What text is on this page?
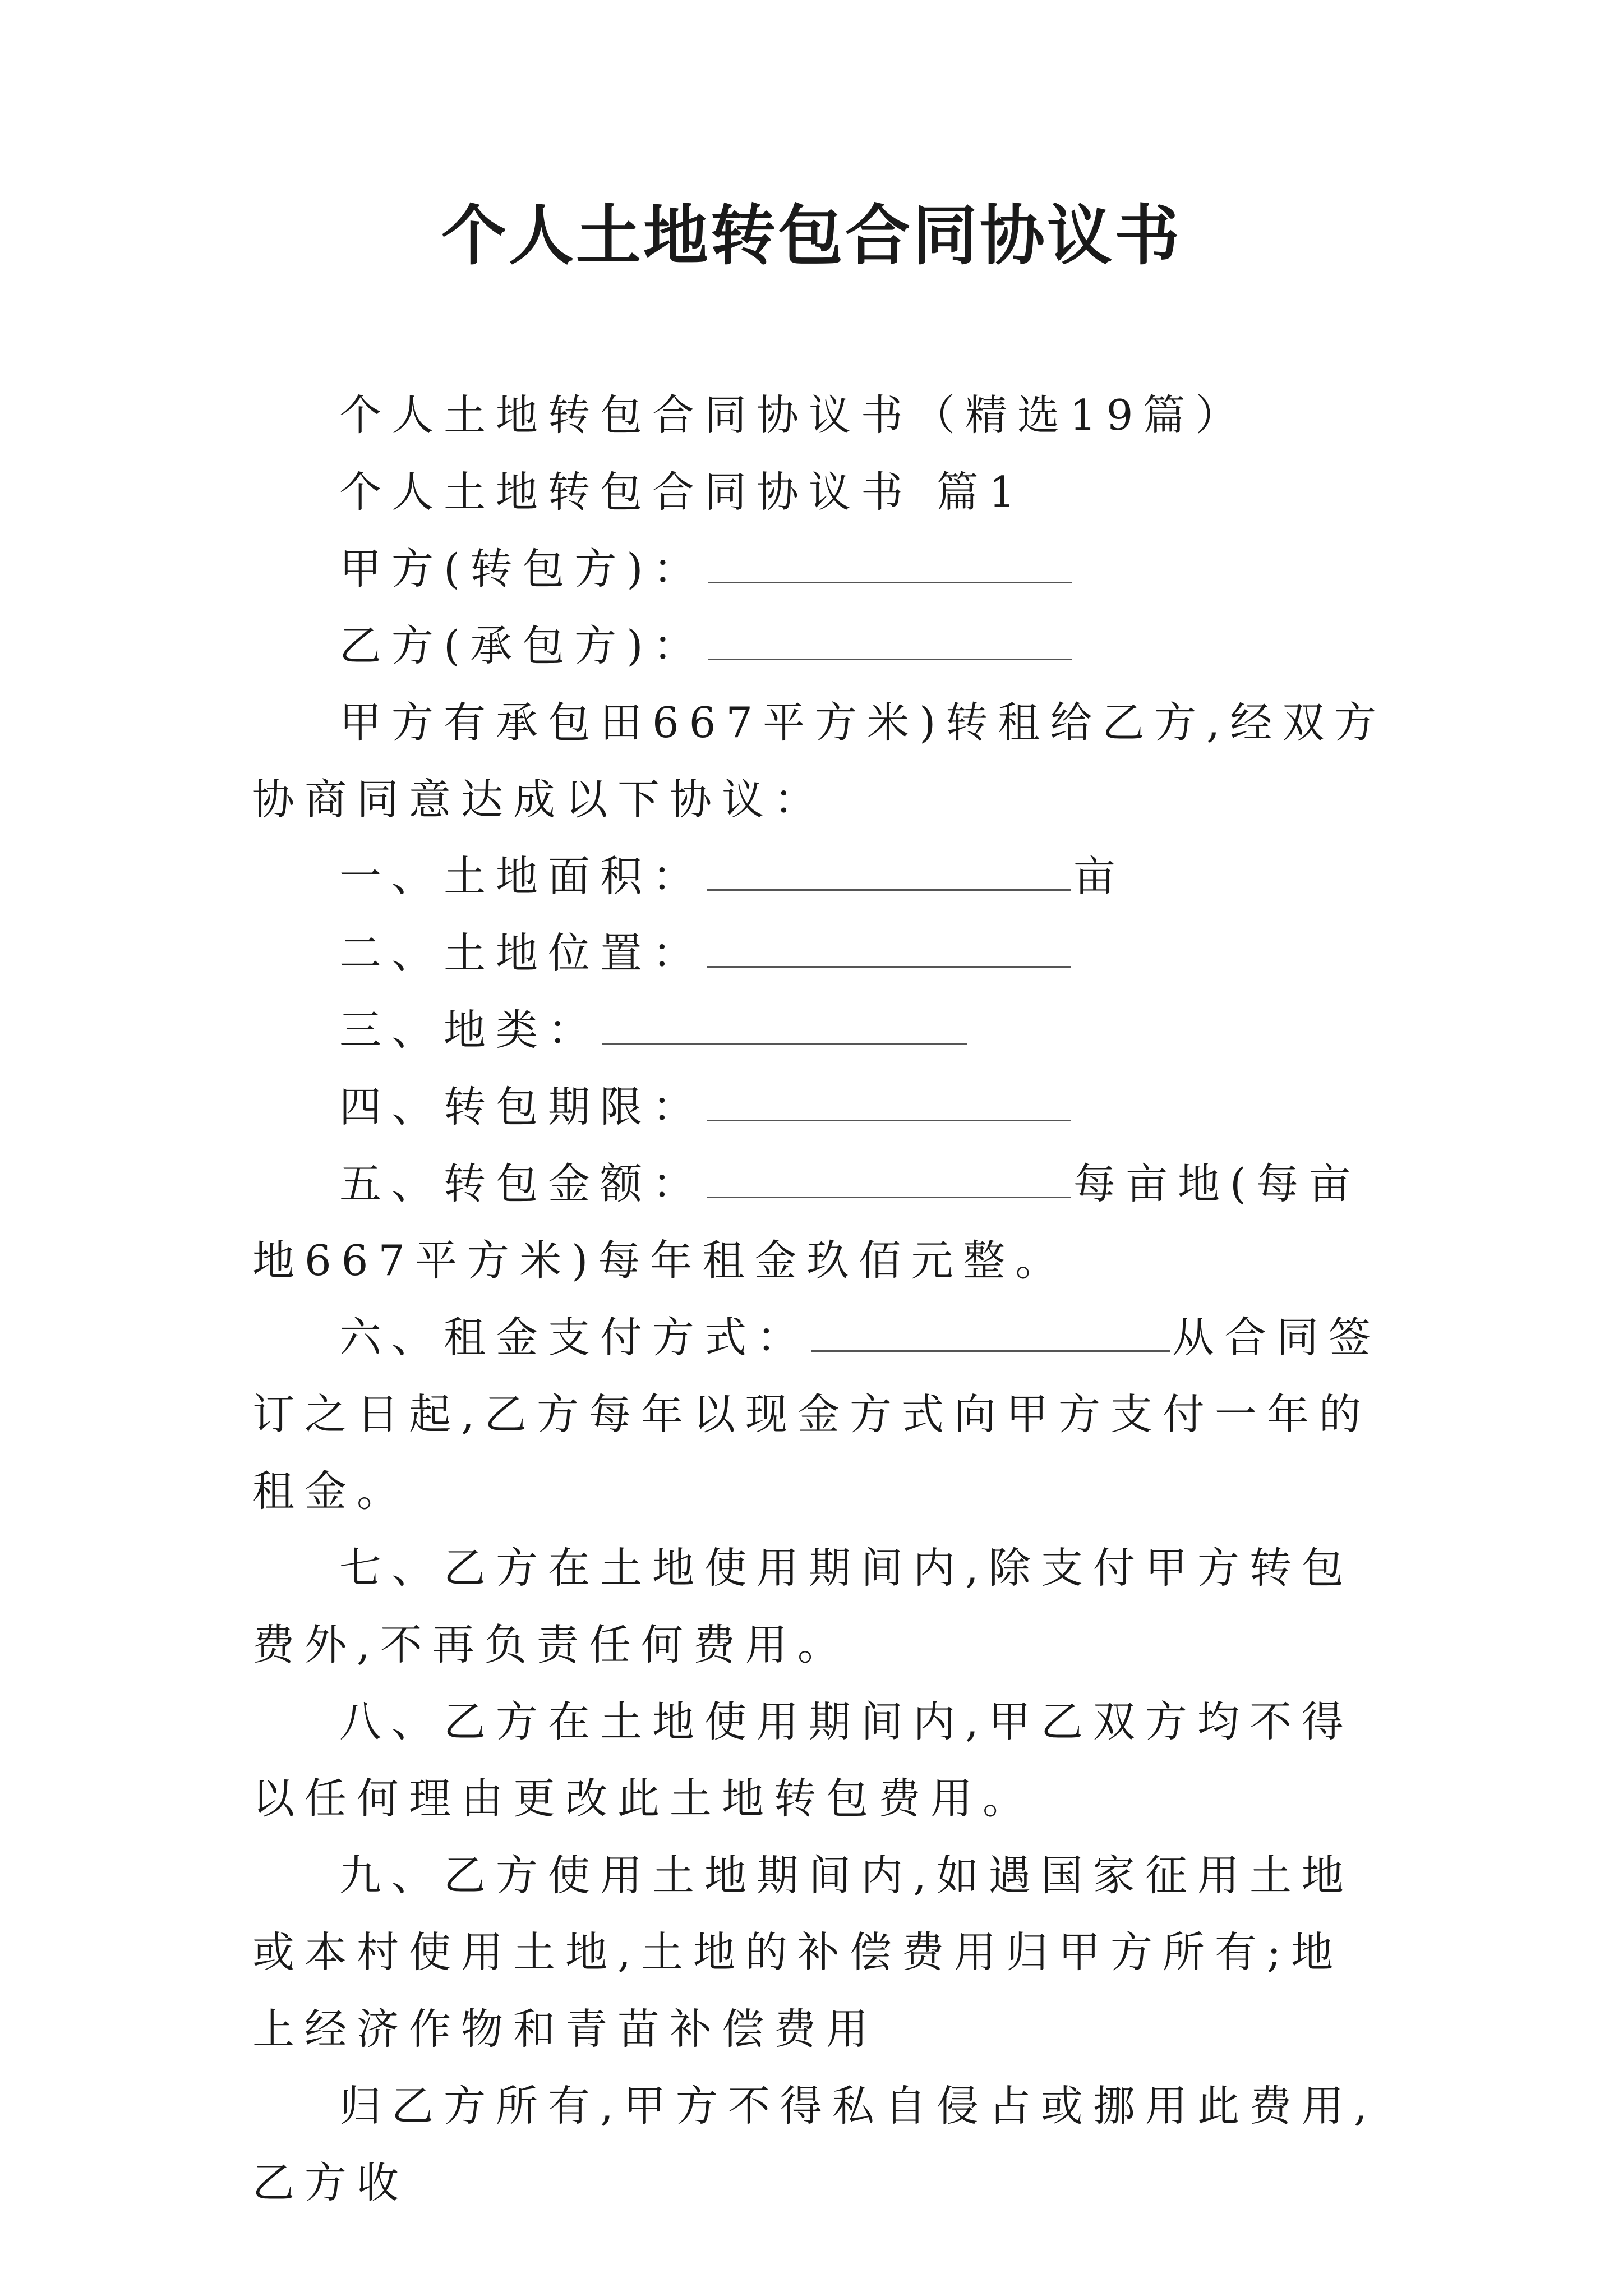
个人土地转包合同协议书

个人土地转包合同协议书（精选19篇）

个人土地转包合同协议书 篇1

甲方(转包方)：

乙方(承包方)：

甲方有承包田667平方米)转租给乙方,经双方协商同意达成以下协议：

一、土地面积：	亩

二、土地位置：

三、地类：

四、转包期限：

五、转包金额：	每亩地(每亩地667平方米)每年租金玖佰元整。

六、租金支付方式：	从合同签订之日起,乙方每年以现金方式向甲方支付一年的租金。

七、乙方在土地使用期间内,除支付甲方转包费外,不再负责任何费用。

八、乙方在土地使用期间内,甲乙双方均不得以任何理由更改此土地转包费用。

九、乙方使用土地期间内,如遇国家征用土地或本村使用土地,土地的补偿费用归甲方所有;地上经济作物和青苗补偿费用

归乙方所有,甲方不得私自侵占或挪用此费用,乙方收
